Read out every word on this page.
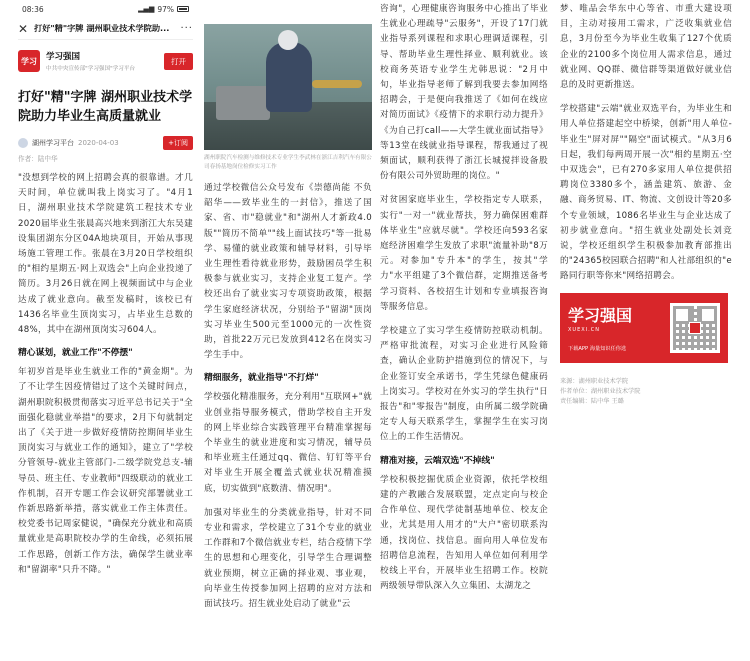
08:36	▂▄▆ 97%
✕ 打好"精"字牌 湖州职业技术学院助...	···
学习	学习强国
中共中央宣传部"学习强国"学习平台
打开
打好"精"字牌 湖州职业技术学院助力毕业生高质量就业
湖州学习平台 2020-04-03	+订阅
作者：陆中华

"没想到学校的网上招聘会真的很靠谱。才几天时间，单位就叫我上岗实习了。"4月1日，湖州职业技术学院建筑工程技术专业2020届毕业生张晨高兴地来到浙江大东吴建设集团湖东分区04A地块项目，开始从事现场施工管理工作。张晨在3月20日学校组织的"相约星期五·网上双选会"上向企业投递了简历。3月26日就在网上视频面试中与企业达成了就业意向。截至发稿时，该校已有1436名毕业生顶岗实习，占毕业生总数的48%，其中在湖州顶岗实习604人。

精心谋划，就业工作"不停摆"

年初岁首是毕业生就业工作的"黄金期"。为了不让学生因疫情错过了这个关键时间点，湖州职院积极贯彻落实习近平总书记关于"全面强化稳就业举措"的要求，2月下旬就制定出了《关于进一步做好疫情防控期间毕业生顶岗实习与就业工作的通知》，建立了"学校分管领导-就业主管部门-二级学院党总支-辅导员、班主任、专业教师"四级联动的就业工作机制，召开专题工作会议研究部署就业工作新思路新举措，落实就业工作主体责任。校党委书记周家健说，"确保充分就业和高质量就业是高职院校办学的生命线，必须拓展工作思路，创新工作方法，确保学生就业率和"留湖率"只升不降。"

湖州职院汽车检测与维修技术专业学生李武林在浙江吉利汽车有限公司春扬基地岗位检修实习工作

通过学校微信公众号发布《崇德尚能 不负韶华——致毕业生的一封信》，推送了国家、省、市"稳就业"和"湖州人才新政4.0版""简历不简单""线上面试技巧"等一批易学、易懂的就业政策和辅导材料，引导毕业生理性看待就业形势，鼓励困员学生积极参与就业实习，支持企业复工复产。学校还出台了就业实习专项资助政策，根据学生家庭经济状况，分别给予"留湖"顶岗实习毕业生500元至1000元的一次性资助，首批22万元已发放到412名在岗实习学生手中。

精细服务，就业指导"不打烊"

学校强化精准服务，充分利用"互联网+"就业创业指导服务模式，借助学校自主开发的网上毕业综合实践管理平台精准掌握每个毕业生的就业进度和实习情况，辅导员和毕业班主任通过qq、微信、钉钉等平台对毕业生开展全覆盖式就业状况精准摸底，切实做到"底数清、情况明"。

加强对毕业生的分类就业指导，针对不同专业和需求，学校建立了31个专业的就业工作群和7个微信就业专栏，结合疫情下学生的思想和心理变化，引导学生合理调整就业预期，树立正确的择业观、事业观，向毕业生传授参加网上招聘的应对方法和面试技巧。招生就业处启动了就业"云

咨询"，心理健康咨询服务中心推出了毕业生就业心理疏导"云服务"，开设了17门就业指导系列课程和求职心理调适课程，引导、帮助毕业生理性择业、顺利就业。该校商务英语专业学生尤韩思说："2月中旬，毕业指导老师了解到我要去参加网络招聘会，于是便向我推送了《如何在线应对简历面试》《疫情下的求职行动力提升》《为自己打call——大学生就业面试指导》等13堂在线就业指导课程，帮我通过了视频面试，顺利获得了浙江长城搅拌设备股份有限公司外贸助理的岗位。"

对贫困家庭毕业生，学校指定专人联系，实行"一对一"就业帮扶，努力确保困难群体毕业生"应就尽就"。学校还向593名家庭经济困难学生发放了求职"流量补助"8万元。对参加"专升本"的学生，按其"学力"水平组建了3个微信群，定期推送备考学习资料、各校招生计划和专业填报咨询等服务信息。

学校建立了实习学生疫情防控联动机制。严格审批流程，对实习企业进行风险筛查，确认企业防护措施到位的情况下，与企业签订安全承诺书，学生凭绿色健康码上岗实习。学校对在外实习的学生执行"日报告"和"零报告"制度，由所属二级学院确定专人每天联系学生，掌握学生在实习岗位上的工作生活情况。

精准对接，云端双选"不掉线"

学校积极挖掘优质企业资源，依托学校组建的产教融合发展联盟，定点定向与校企合作单位、现代学徒制基地单位、校友企业，尤其是用人用才的"大户"密切联系沟通，找岗位、找信息。面向用人单位发布招聘信息流程，告知用人单位如何利用学校线上平台，开展毕业生招聘工作。校院两级领导带队深入久立集团、太湖龙之

梦、唯品会华东中心等省、市重大建设项目，主动对接用工需求，广泛收集就业信息，3月份至今为毕业生收集了127个优质企业的2100多个岗位用人需求信息，通过就业网、QQ群、微信群等渠道做好就业信息的及时更新推送。

学校搭建"云端"就业双选平台，为毕业生和用人单位搭建起空中桥梁，创新"用人单位-毕业生"屏对屏""隔空"面试模式。"从3月6日起，我们每两周开展一次"相约星期五·空中双选会"，已有270多家用人单位提供招聘岗位3380多个，涵盖建筑、旅游、金融、商务贸易、IT、物流、文创设计等20多个专业领域，1086名毕业生与企业达成了初步就业意向。"招生就业处副处长刘竞说，学校还组织学生积极参加教育部推出的"24365校园联合招聘"和人社部组织的"e路同行职等你来"网络招聘会。

学习强国
XUEXI.CN
下载APP 海量知识任你选
来源：湖州职业技术学院
作者单位：湖州职业技术学院
责任编辑：陆中华 王璐
